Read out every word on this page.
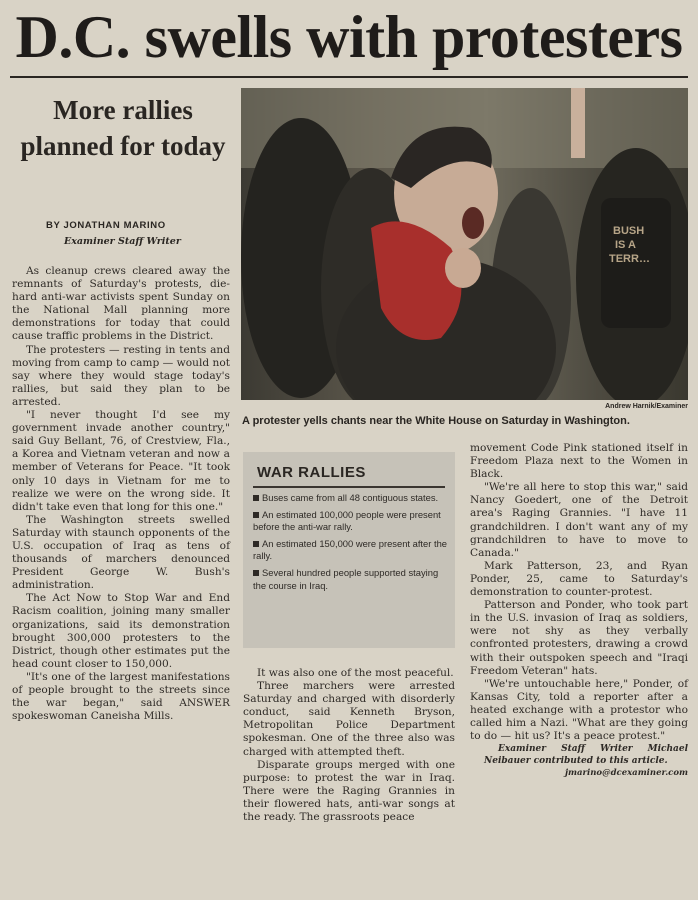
D.C. swells with protesters
More rallies planned for today
BY JONATHAN MARINO
Examiner Staff Writer
BUSH IS A TERR…
Andrew Harnik/Examiner
A protester yells chants near the White House on Saturday in Washington.

As cleanup crews cleared away the remnants of Saturday's protests, die-hard anti-war activists spent Sunday on the National Mall planning more demonstrations for today that could cause traffic problems in the District.

The protesters — resting in tents and moving from camp to camp — would not say where they would stage today's rallies, but said they plan to be arrested.

"I never thought I'd see my government invade another country," said Guy Bellant, 76, of Crestview, Fla., a Korea and Vietnam veteran and now a member of Veterans for Peace. "It took only 10 days in Vietnam for me to realize we were on the wrong side. It didn't take even that long for this one."

The Washington streets swelled Saturday with staunch opponents of the U.S. occupation of Iraq as tens of thousands of marchers denounced President George W. Bush's administration.

The Act Now to Stop War and End Racism coalition, joining many smaller organizations, said its demonstration brought 300,000 protesters to the District, though other estimates put the head count closer to 150,000.

"It's one of the largest manifestations of people brought to the streets since the war began," said ANSWER spokeswoman Caneisha Mills.

WAR RALLIES
Buses came from all 48 contiguous states.
An estimated 100,000 people were present before the anti-war rally.
An estimated 150,000 were present after the rally.
Several hundred people supported staying the course in Iraq.

It was also one of the most peaceful.

Three marchers were arrested Saturday and charged with disorderly conduct, said Kenneth Bryson, Metropolitan Police Department spokesman. One of the three also was charged with attempted theft.

Disparate groups merged with one purpose: to protest the war in Iraq. There were the Raging Grannies in their flowered hats, anti-war songs at the ready. The grassroots peace

movement Code Pink stationed itself in Freedom Plaza next to the Women in Black.

"We're all here to stop this war," said Nancy Goedert, one of the Detroit area's Raging Grannies. "I have 11 grandchildren. I don't want any of my grandchildren to have to move to Canada."

Mark Patterson, 23, and Ryan Ponder, 25, came to Saturday's demonstration to counter-protest.

Patterson and Ponder, who took part in the U.S. invasion of Iraq as soldiers, were not shy as they verbally confronted protesters, drawing a crowd with their outspoken speech and "Iraqi Freedom Veteran" hats.

"We're untouchable here," Ponder, of Kansas City, told a reporter after a heated exchange with a protestor who called him a Nazi. "What are they going to do — hit us? It's a peace protest."

Examiner Staff Writer Michael Neibauer contributed to this article.

jmarino@dcexaminer.com
